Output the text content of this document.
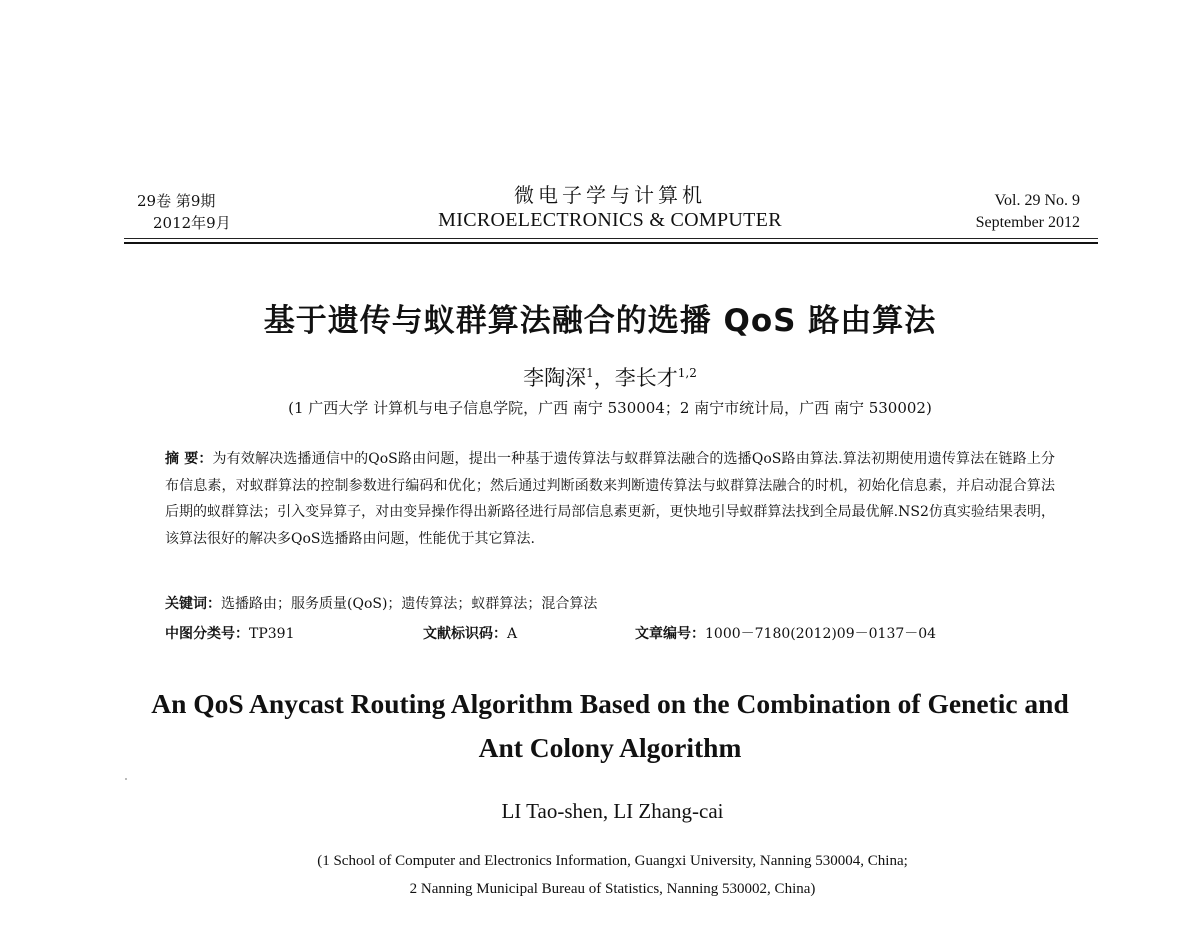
29卷 第9期
2012年9月
微电子学与计算机
MICROELECTRONICS & COMPUTER
Vol. 29 No. 9
September 2012
基于遗传与蚁群算法融合的选播 QoS 路由算法
李陶深$^1$，李长才$^{1,2}$
(1 广西大学 计算机与电子信息学院，广西 南宁 530004；2 南宁市统计局，广西 南宁 530002)
摘 要：为有效解决选播通信中的QoS路由问题，提出一种基于遗传算法与蚁群算法融合的选播QoS路由算法.算法初期使用遗传算法在链路上分布信息素，对蚁群算法的控制参数进行编码和优化；然后通过判断函数来判断遗传算法与蚁群算法融合的时机，初始化信息素，并启动混合算法后期的蚁群算法；引入变异算子，对由变异操作得出新路径进行局部信息素更新，更快地引导蚁群算法找到全局最优解.NS2仿真实验结果表明，该算法很好的解决多QoS选播路由问题，性能优于其它算法.
关键词：选播路由；服务质量(QoS)；遗传算法；蚁群算法；混合算法
中图分类号：TP391	文献标识码：A	文章编号：1000－7180(2012)09－0137－04
An QoS Anycast Routing Algorithm Based on the Combination of Genetic and Ant Colony Algorithm
LI Tao-shen, LI Zhang-cai
(1 School of Computer and Electronics Information, Guangxi University, Nanning 530004, China;
2 Nanning Municipal Bureau of Statistics, Nanning 530002, China)
